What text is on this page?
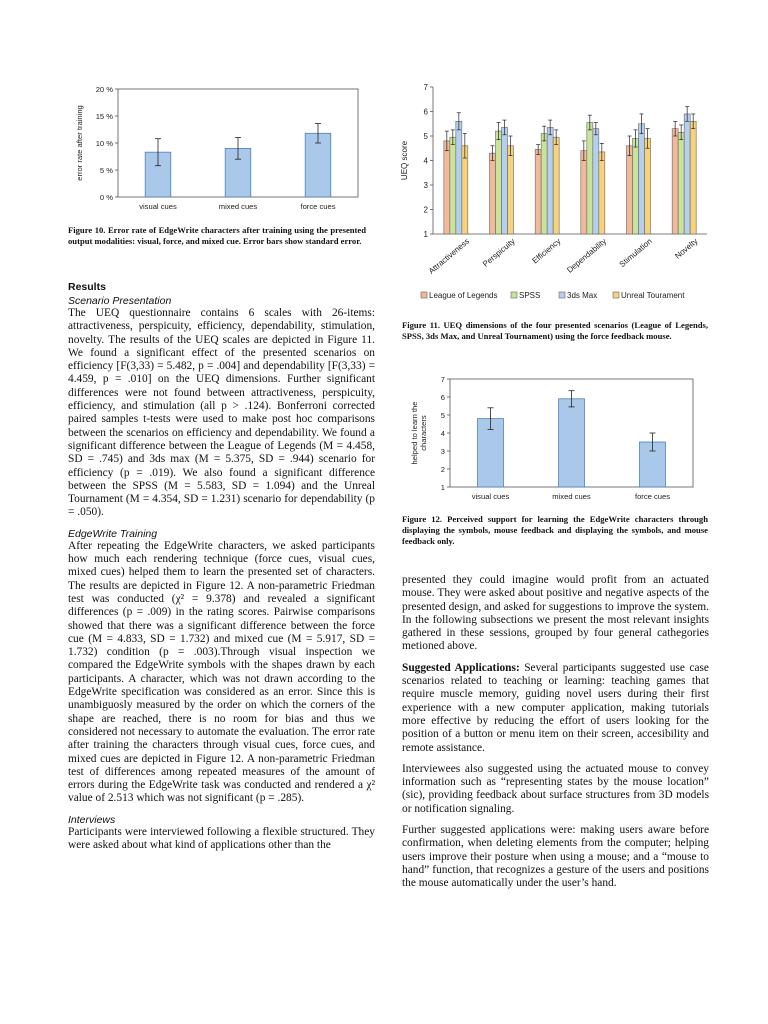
0 %
5 %
10 %
15 %
20 %
visual cues	mixed cues	force cues
error rate after training
Figure 10. Error rate of EdgeWrite characters after training using the presented output modalities: visual, force, and mixed cue. Error bars show standard error.
1
2
3
4
5
6
7
UEQ score
Attractiveness Perspicuity Efficiency Dependability Stimulation Novelty
League of Legends	SPSS	3ds Max	Unreal Tourament
Figure 11. UEQ dimensions of the four presented scenarios (League of Legends, SPSS, 3ds Max, and Unreal Tournament) using the force feedback mouse.
1
2
3
4
5
6
7
visual cues	mixed cues	force cues
helped to learn the characters
Figure 12. Perceived support for learning the EdgeWrite characters through displaying the symbols, mouse feedback and displaying the symbols, and mouse feedback only.
Results
Scenario Presentation
The UEQ questionnaire contains 6 scales with 26-items: attractiveness, perspicuity, efficiency, dependability, stimulation, novelty. The results of the UEQ scales are depicted in Figure 11. We found a significant effect of the presented scenarios on efficiency [F(3,33) = 5.482, p = .004] and dependability [F(3,33) = 4.459, p = .010] on the UEQ dimensions. Further significant differences were not found between attractiveness, perspicuity, efficiency, and stimulation (all p > .124). Bonferroni corrected paired samples t-tests were used to make post hoc comparisons between the scenarios on efficiency and dependability. We found a significant difference between the League of Legends (M = 4.458, SD = .745) and 3ds max (M = 5.375, SD = .944) scenario for efficiency (p = .019). We also found a significant difference between the SPSS (M = 5.583, SD = 1.094) and the Unreal Tournament (M = 4.354, SD = 1.231) scenario for dependability (p = .050).
EdgeWrite Training
After repeating the EdgeWrite characters, we asked participants how much each rendering technique (force cues, visual cues, mixed cues) helped them to learn the presented set of characters. The results are depicted in Figure 12. A non-parametric Friedman test was conducted (χ² = 9.378) and revealed a significant differences (p = .009) in the rating scores. Pairwise comparisons showed that there was a significant difference between the force cue (M = 4.833, SD = 1.732) and mixed cue (M = 5.917, SD = 1.732) condition (p = .003).Through visual inspection we compared the EdgeWrite symbols with the shapes drawn by each participants. A character, which was not drawn according to the EdgeWrite specification was considered as an error. Since this is unambiguosly measured by the order on which the corners of the shape are reached, there is no room for bias and thus we considered not necessary to automate the evaluation. The error rate after training the characters through visual cues, force cues, and mixed cues are depicted in Figure 12. A non-parametric Friedman test of differences among repeated measures of the amount of errors during the EdgeWrite task was conducted and rendered a χ² value of 2.513 which was not significant (p = .285).
Interviews
Participants were interviewed following a flexible structured. They were asked about what kind of applications other than the
presented they could imagine would profit from an actuated mouse. They were asked about positive and negative aspects of the presented design, and asked for suggestions to improve the system. In the following subsections we present the most relevant insights gathered in these sessions, grouped by four general cathegories metioned above.
Suggested Applications: Several participants suggested use case scenarios related to teaching or learning: teaching games that require muscle memory, guiding novel users during their first experience with a new computer application, making tutorials more effective by reducing the effort of users looking for the position of a button or menu item on their screen, accesibility and remote assistance.
Interviewees also suggested using the actuated mouse to convey information such as “representing states by the mouse location” (sic), providing feedback about surface structures from 3D models or notification signaling.
Further suggested applications were: making users aware before confirmation, when deleting elements from the computer; helping users improve their posture when using a mouse; and a “mouse to hand” function, that recognizes a gesture of the users and positions the mouse automatically under the user’s hand.
